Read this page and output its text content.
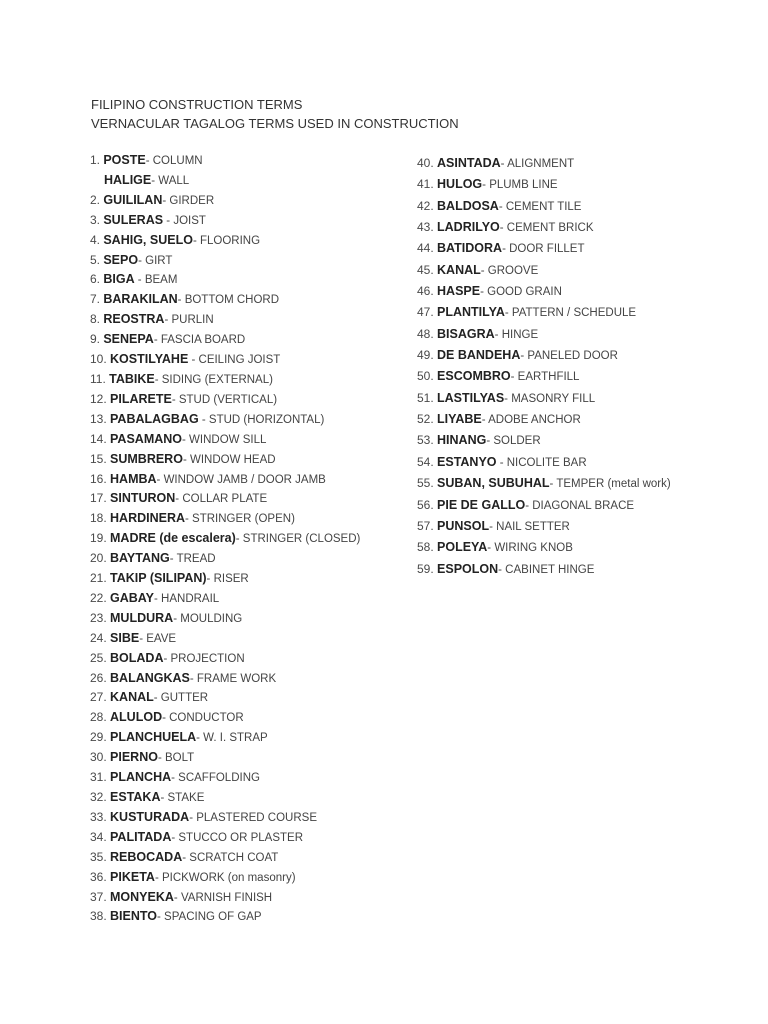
FILIPINO CONSTRUCTION TERMS
VERNACULAR TAGALOG TERMS USED IN CONSTRUCTION
1. POSTE- COLUMN
HALIGE- WALL
2. GUILILAN- GIRDER
3. SULERAS - JOIST
4. SAHIG, SUELO- FLOORING
5. SEPO- GIRT
6. BIGA - BEAM
7. BARAKILAN- BOTTOM CHORD
8. REOSTRA- PURLIN
9. SENEPA- FASCIA BOARD
10. KOSTILYAHE - CEILING JOIST
11. TABIKE- SIDING (EXTERNAL)
12. PILARETE- STUD (VERTICAL)
13. PABALAGBAG - STUD (HORIZONTAL)
14. PASAMANO- WINDOW SILL
15. SUMBRERO- WINDOW HEAD
16. HAMBA- WINDOW JAMB / DOOR JAMB
17. SINTURON- COLLAR PLATE
18. HARDINERA- STRINGER (OPEN)
19. MADRE (de escalera)- STRINGER (CLOSED)
20. BAYTANG- TREAD
21. TAKIP (SILIPAN)- RISER
22. GABAY- HANDRAIL
23. MULDURA- MOULDING
24. SIBE- EAVE
25. BOLADA- PROJECTION
26. BALANGKAS- FRAME WORK
27. KANAL- GUTTER
28. ALULOD- CONDUCTOR
29. PLANCHUELA- W. I. STRAP
30. PIERNO- BOLT
31. PLANCHA- SCAFFOLDING
32. ESTAKA- STAKE
33. KUSTURADA- PLASTERED COURSE
34. PALITADA- STUCCO OR PLASTER
35. REBOCADA- SCRATCH COAT
36. PIKETA- PICKWORK (on masonry)
37. MONYEKA- VARNISH FINISH
38. BIENTO- SPACING OF GAP
40. ASINTADA- ALIGNMENT
41. HULOG- PLUMB LINE
42. BALDOSA- CEMENT TILE
43. LADRILYO- CEMENT BRICK
44. BATIDORA- DOOR FILLET
45. KANAL- GROOVE
46. HASPE- GOOD GRAIN
47. PLANTILYA- PATTERN / SCHEDULE
48. BISAGRA- HINGE
49. DE BANDEHA- PANELED DOOR
50. ESCOMBRO- EARTHFILL
51. LASTILYAS- MASONRY FILL
52. LIYABE- ADOBE ANCHOR
53. HINANG- SOLDER
54. ESTANYO - NICOLITE BAR
55. SUBAN, SUBUHAL- TEMPER (metal work)
56. PIE DE GALLO- DIAGONAL BRACE
57. PUNSOL- NAIL SETTER
58. POLEYA- WIRING KNOB
59. ESPOLON- CABINET HINGE
